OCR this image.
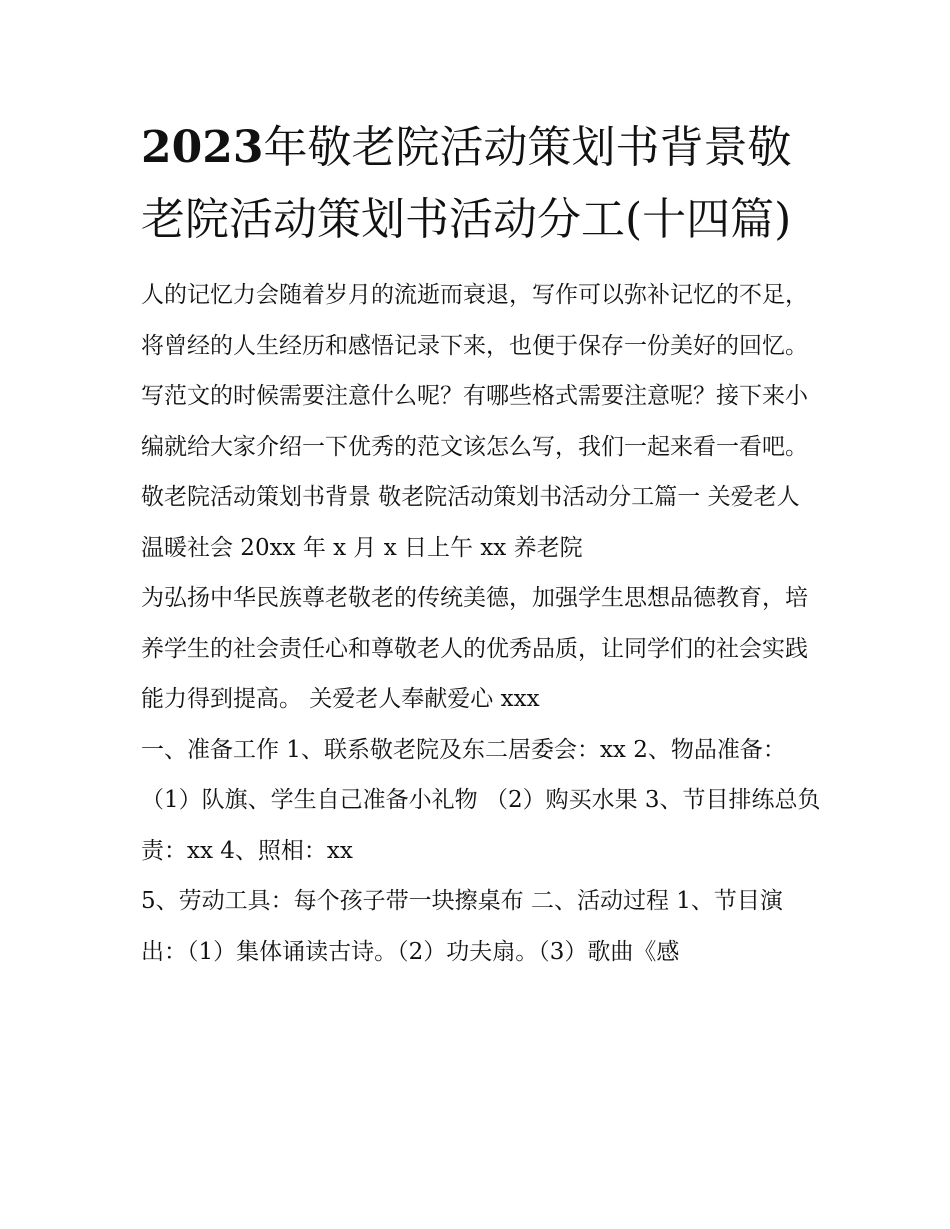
2023年敬老院活动策划书背景敬老院活动策划书活动分工(十四篇)

人的记忆力会随着岁月的流逝而衰退，写作可以弥补记忆的不足，将曾经的人生经历和感悟记录下来，也便于保存一份美好的回忆。写范文的时候需要注意什么呢？有哪些格式需要注意呢？接下来小编就给大家介绍一下优秀的范文该怎么写，我们一起来看一看吧。

敬老院活动策划书背景 敬老院活动策划书活动分工篇一 关爱老人温暖社会 20xx 年 x 月 x 日上午 xx 养老院

为弘扬中华民族尊老敬老的传统美德，加强学生思想品德教育，培养学生的社会责任心和尊敬老人的优秀品质，让同学们的社会实践能力得到提高。 关爱老人奉献爱心 xxx

一、准备工作 1、联系敬老院及东二居委会：xx 2、物品准备：（1）队旗、学生自己准备小礼物 （2）购买水果 3、节目排练总负责：xx 4、照相：xx

5、劳动工具：每个孩子带一块擦桌布 二、活动过程 1、节目演出：（1）集体诵读古诗。（2）功夫扇。（3）歌曲《感
